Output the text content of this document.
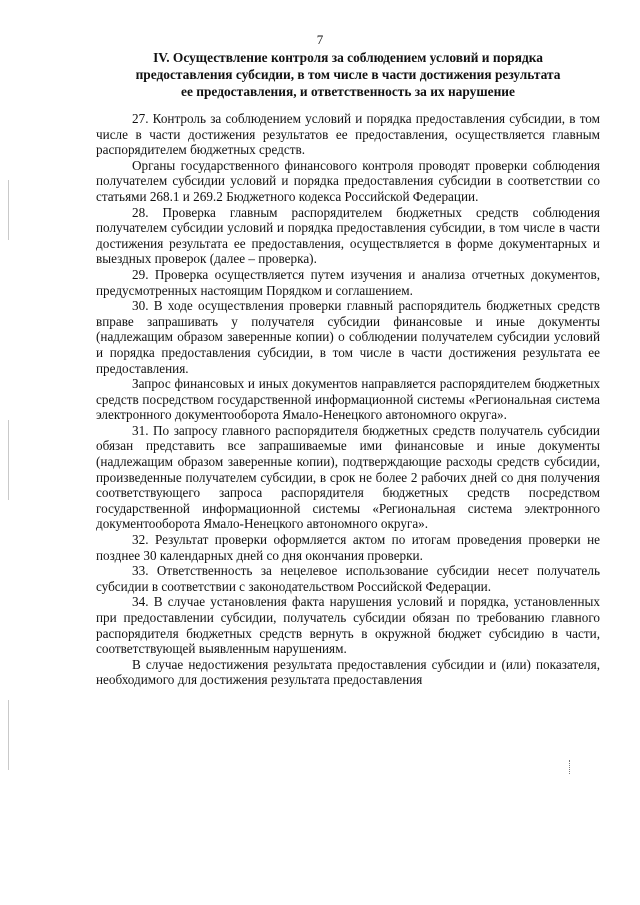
7
IV. Осуществление контроля за соблюдением условий и порядка
предоставления субсидии, в том числе в части достижения результата
ее предоставления, и ответственность за их нарушение

27. Контроль за соблюдением условий и порядка предоставления субсидии, в том числе в части достижения результатов ее предоставления, осуществляется главным распорядителем бюджетных средств.

Органы государственного финансового контроля проводят проверки соблюдения получателем субсидии условий и порядка предоставления субсидии в соответствии со статьями 268.1 и 269.2 Бюджетного кодекса Российской Федерации.

28. Проверка главным распорядителем бюджетных средств соблюдения получателем субсидии условий и порядка предоставления субсидии, в том числе в части достижения результата ее предоставления, осуществляется в форме документарных и выездных проверок (далее – проверка).

29. Проверка осуществляется путем изучения и анализа отчетных документов, предусмотренных настоящим Порядком и соглашением.

30. В ходе осуществления проверки главный распорядитель бюджетных средств вправе запрашивать у получателя субсидии финансовые и иные документы (надлежащим образом заверенные копии) о соблюдении получателем субсидии условий и порядка предоставления субсидии, в том числе в части достижения результата ее предоставления.

Запрос финансовых и иных документов направляется распорядителем бюджетных средств посредством государственной информационной системы «Региональная система электронного документооборота Ямало-Ненецкого автономного округа».

31. По запросу главного распорядителя бюджетных средств получатель субсидии обязан представить все запрашиваемые ими финансовые и иные документы (надлежащим образом заверенные копии), подтверждающие расходы средств субсидии, произведенные получателем субсидии, в срок не более 2 рабочих дней со дня получения соответствующего запроса распорядителя бюджетных средств посредством государственной информационной системы «Региональная система электронного документооборота Ямало-Ненецкого автономного округа».

32. Результат проверки оформляется актом по итогам проведения проверки не позднее 30 календарных дней со дня окончания проверки.

33. Ответственность за нецелевое использование субсидии несет получатель субсидии в соответствии с законодательством Российской Федерации.

34. В случае установления факта нарушения условий и порядка, установленных при предоставлении субсидии, получатель субсидии обязан по требованию главного распорядителя бюджетных средств вернуть в окружной бюджет субсидию в части, соответствующей выявленным нарушениям.

В случае недостижения результата предоставления субсидии и (или) показателя, необходимого для достижения результата предоставления
